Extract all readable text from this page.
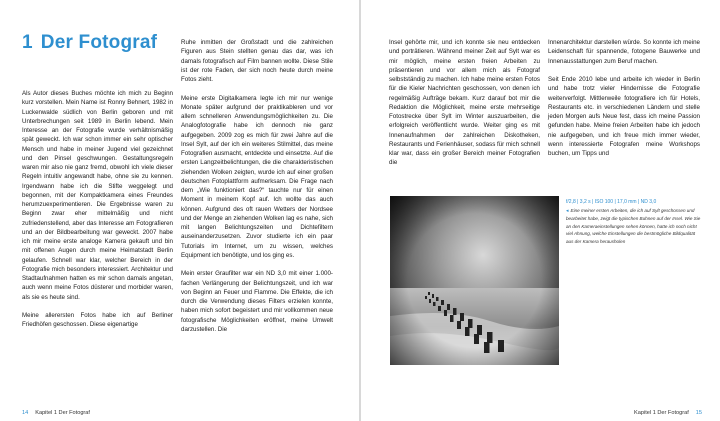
1 Der Fotograf

Als Autor dieses Buches möchte ich mich zu Beginn kurz vorstellen. Mein Name ist Ronny Behnert, 1982 in Luckenwalde südlich von Berlin geboren und mit Unterbrechungen seit 1989 in Berlin lebend. Mein Interesse an der Fotografie wurde verhältnismäßig spät geweckt. Ich war schon immer ein sehr optischer Mensch und habe in meiner Jugend viel gezeichnet und den Pinsel geschwungen. Gestaltungsregeln waren mir also nie ganz fremd, obwohl ich viele dieser Regeln intuitiv angewandt habe, ohne sie zu kennen. Irgendwann habe ich die Stifte weggelegt und begonnen, mit der Kompaktkamera eines Freundes herumzuexperimentieren. Die Ergebnisse waren zu Beginn zwar eher mittelmäßig und nicht zufriedenstellend, aber das Interesse am Fotografieren und an der Bildbearbeitung war geweckt. 2007 habe ich mir meine erste analoge Kamera gekauft und bin mit offenen Augen durch meine Heimatstadt Berlin gelaufen. Schnell war klar, welcher Bereich in der Fotografie mich besonders interessiert. Architektur und Stadtaufnahmen hatten es mir schon damals angetan, auch wenn meine Fotos düsterer und morbider waren, als sie es heute sind.

Meine allerersten Fotos habe ich auf Berliner Friedhöfen geschossen. Diese eigenartige

Ruhe inmitten der Großstadt und die zahlreichen Figuren aus Stein stellten genau das dar, was ich damals fotografisch auf Film bannen wollte. Diese Stile ist der rote Faden, der sich noch heute durch meine Fotos zieht.

Meine erste Digitalkamera legte ich mir nur wenige Monate später aufgrund der praktikableren und vor allem schnelleren Anwendungsmöglichkeiten zu. Die Analogfotografie habe ich dennoch nie ganz aufgegeben. 2009 zog es mich für zwei Jahre auf die Insel Sylt, auf der ich ein weiteres Stilmittel, das meine Fotografien ausmacht, entdeckte und einsetzte. Auf die ersten Langzeitbelichtungen, die die charakteristischen ziehenden Wolken zeigten, wurde ich auf einer großen deutschen Fotoplattform aufmerksam. Die Frage nach dem „Wie funktioniert das?“ tauchte nur für einen Moment in meinem Kopf auf. Ich wollte das auch können. Aufgrund des oft rauen Wetters der Nordsee und der Menge an ziehenden Wolken lag es nahe, sich mit langen Belichtungszeiten und Dichtefiltern auseinanderzusetzen. Zuvor studierte ich ein paar Tutorials im Internet, um zu wissen, welches Equipment ich benötigte, und los ging es.

Mein erster Grauﬁlter war ein ND 3,0 mit einer 1.000-fachen Verlängerung der Belichtungszeit, und ich war von Beginn an Feuer und Flamme. Die Effekte, die ich durch die Verwendung dieses Filters erzielen konnte, haben mich sofort begeistert und mir vollkommen neue fotografische Möglichkeiten eröffnet, meine Umwelt darzustellen. Die

14 Kapitel 1 Der Fotograf

Insel gehörte mir, und ich konnte sie neu entdecken und porträtieren. Während meiner Zeit auf Sylt war es mir möglich, meine ersten freien Arbeiten zu präsentieren und vor allem mich als Fotograf selbstständig zu machen. Ich habe meine ersten Fotos für die Kieler Nachrichten geschossen, von denen ich regelmäßig Aufträge bekam. Kurz darauf bot mir die Redaktion die Möglichkeit, meine erste mehrseitige Fotostrecke über Sylt im Winter auszuarbeiten, die erfolgreich veröffentlicht wurde. Weiter ging es mit Innenaufnahmen der zahlreichen Diskotheken, Restaurants und Ferienhäuser, sodass für mich schnell klar war, dass ein großer Bereich meiner Fotografien die

Innenarchitektur darstellen würde. So konnte ich meine Leidenschaft für spannende, fotogene Bauwerke und Innenausstattungen zum Beruf machen.

Seit Ende 2010 lebe und arbeite ich wieder in Berlin und habe trotz vieler Hindernisse die Fotografie weiterverfolgt. Mittlerweile fotografiere ich für Hotels, Restaurants etc. in verschiedenen Ländern und stelle jeden Morgen aufs Neue fest, dass ich meine Passion gefunden habe. Meine freien Arbeiten habe ich jedoch nie aufgegeben, und ich freue mich immer wieder, wenn interessierte Fotografen meine Workshops buchen, um Tipps und

f/2,8 | 3,2 s | ISO 100 | 17,0 mm | ND 3,0
◂ Eine meiner ersten Arbeiten, die ich auf Sylt geschossen und bearbeitet habe, zeigt die typischen Buhnen auf der Insel. Wie Sie an den Kameraeinstellungen sehen können, hatte ich noch nicht viel Ahnung, welche Einstellungen die bestmögliche Bildqualität aus der Kamera herausholen
Kapitel 1 Der Fotograf 15
